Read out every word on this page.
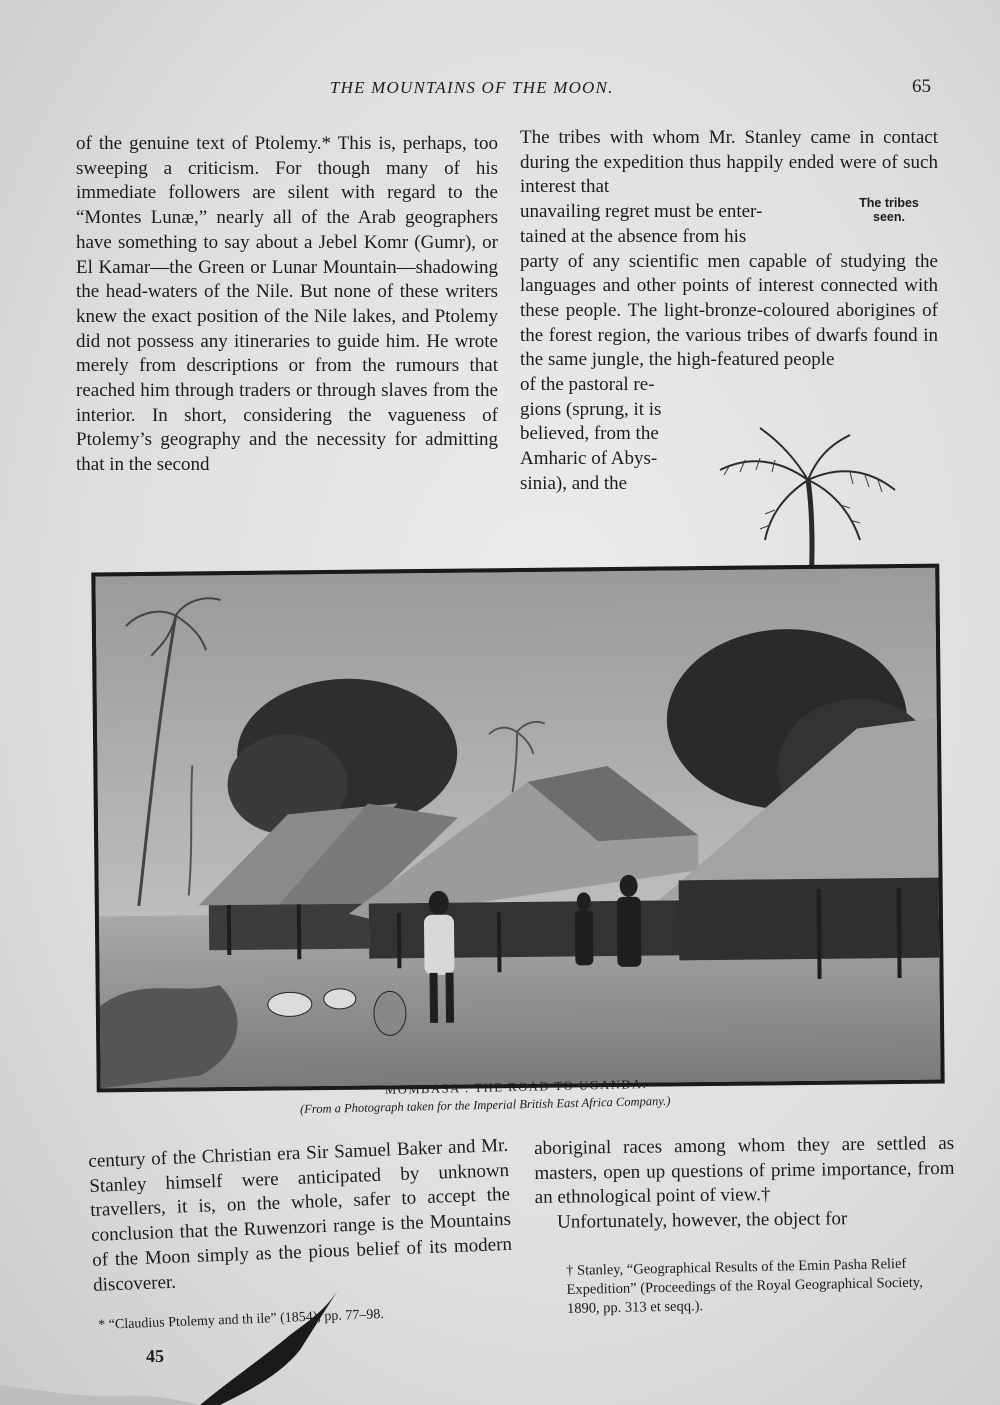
THE MOUNTAINS OF THE MOON.	65

of the genuine text of Ptolemy.* This is, perhaps, too sweeping a criticism. For though many of his immediate followers are silent with regard to the “Montes Lunæ,” nearly all of the Arab geographers have something to say about a Jebel Komr (Gumr), or El Kamar—the Green or Lunar Mountain—shadowing the head-waters of the Nile. But none of these writers knew the exact position of the Nile lakes, and Ptolemy did not possess any itineraries to guide him. He wrote merely from descriptions or from the rumours that reached him through traders or through slaves from the interior. In short, considering the vagueness of Ptolemy’s geography and the necessity for admitting that in the second

The tribes with whom Mr. Stanley came in contact during the expedition thus happily ended were of such interest that

unavailing regret must be enter-

tained at the absence from his

party of any scientific men capable of studying the languages and other points of interest connected with these people. The light-bronze-coloured aborigines of the forest region, the various tribes of dwarfs found in the same jungle, the high-featured people

of the pastoral re-

gions (sprung, it is

believed, from the

Amharic of Abys-

sinia), and the

The tribes
seen.
MOMBASA : THE ROAD TO UGANDA.
(From a Photograph taken for the Imperial British East Africa Company.)

century of the Christian era Sir Samuel Baker and Mr. Stanley himself were anticipated by unknown travellers, it is, on the whole, safer to accept the conclusion that the Ruwenzori range is the Mountains of the Moon simply as the pious belief of its modern discoverer.

aboriginal races among whom they are settled as masters, open up questions of prime importance, from an ethnological point of view.†

Unfortunately, however, the object for

* “Claudius Ptolemy and th ile” (1854), pp. 77–98.
† Stanley, “Geographical Results of the Emin Pasha Relief Expedition” (Proceedings of the Royal Geographical Society, 1890, pp. 313 et seqq.).
45
